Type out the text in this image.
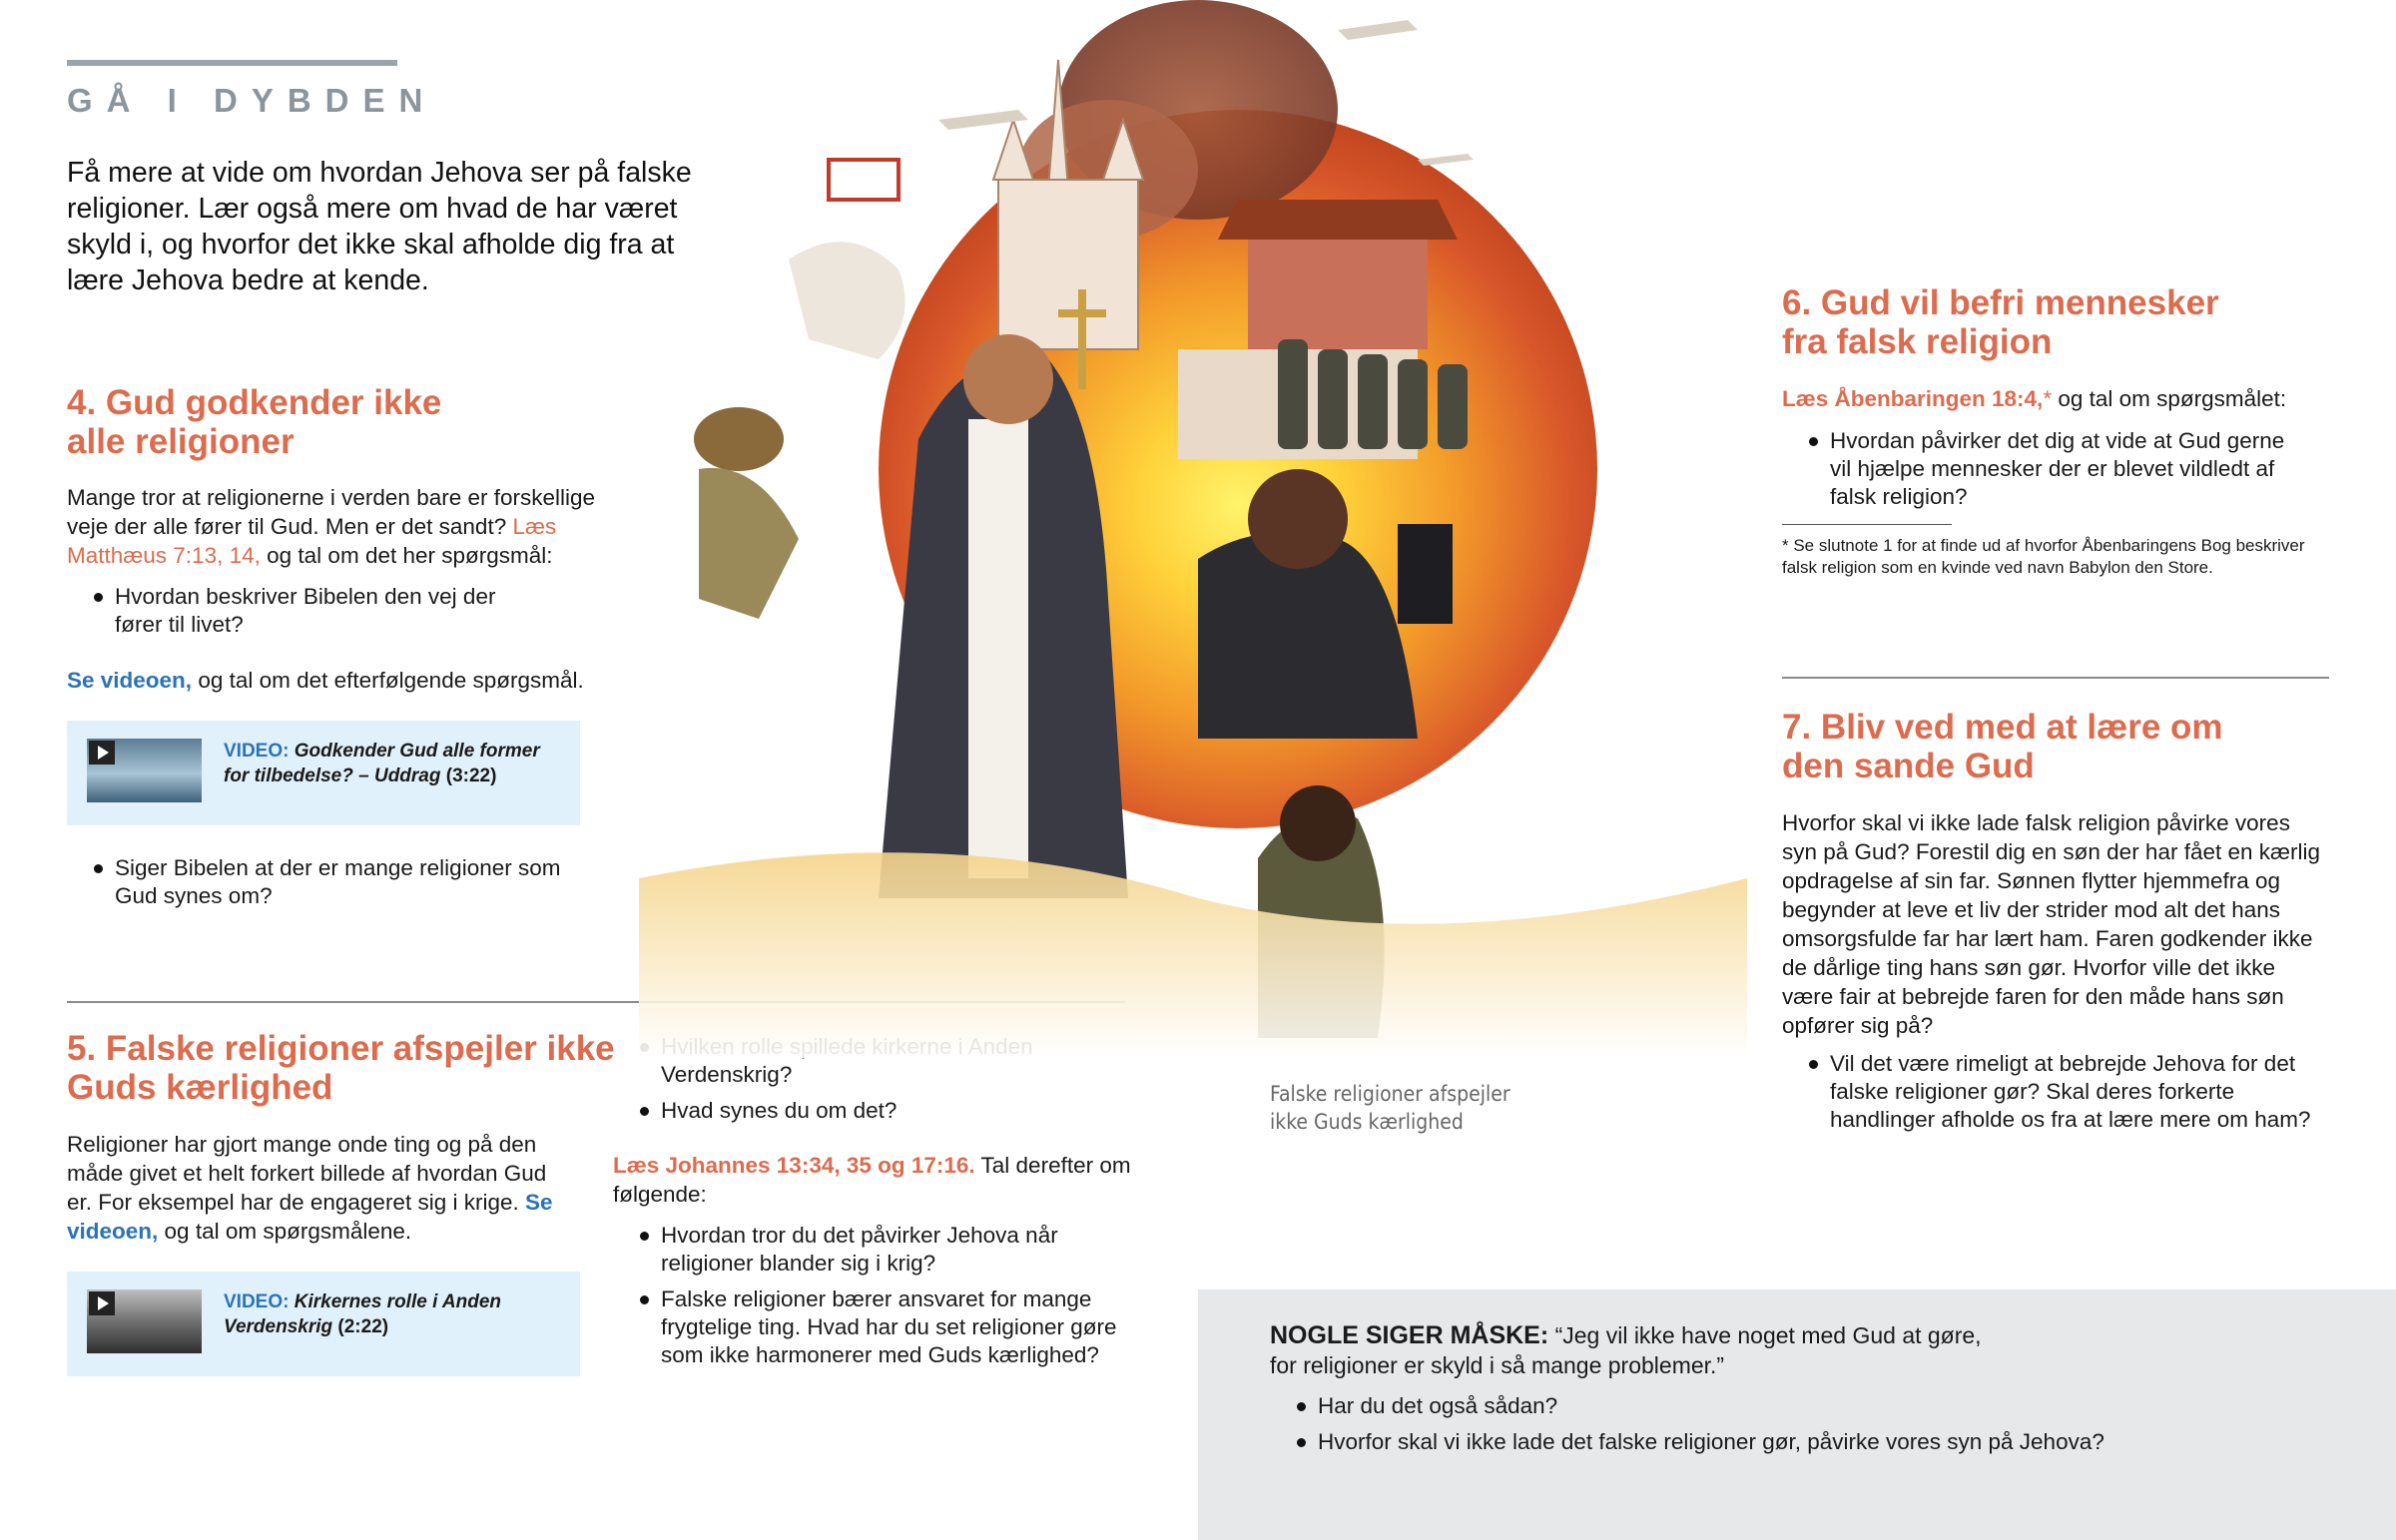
GÅ I DYBDEN
Få mere at vide om hvordan Jehova ser på falske religioner. Lær også mere om hvad de har været skyld i, og hvorfor det ikke skal afholde dig fra at lære Jehova bedre at kende.
4. Gud godkender ikke
alle religioner
Mange tror at religionerne i verden bare er forskellige veje der alle fører til Gud. Men er det sandt? Læs Matthæus 7:13, 14, og tal om det her spørgsmål:
Hvordan beskriver Bibelen den vej der fører til livet?
Se videoen, og tal om det efterfølgende spørgsmål.
VIDEO: Godkender Gud alle former for tilbedelse? – Uddrag (3:22)
Siger Bibelen at der er mange religioner som Gud synes om?
5. Falske religioner afspejler ikke
Guds kærlighed
Religioner har gjort mange onde ting og på den måde givet et helt forkert billede af hvordan Gud er. For eksempel har de engageret sig i krige. Se videoen, og tal om spørgsmålene.
VIDEO: Kirkernes rolle i Anden Verdenskrig (2:22)
Verdenskrig?
Hvad synes du om det?
Læs Johannes 13:34, 35 og 17:16. Tal derefter om følgende:
Hvordan tror du det påvirker Jehova når religioner blander sig i krig?
Falske religioner bærer ansvaret for mange frygtelige ting. Hvad har du set religioner gøre som ikke harmonerer med Guds kærlighed?
Falske religioner afspejler
ikke Guds kærlighed
6. Gud vil befri mennesker
fra falsk religion
Læs Åbenbaringen 18:4,* og tal om spørgsmålet:
Hvordan påvirker det dig at vide at Gud gerne vil hjælpe mennesker der er blevet vildledt af falsk religion?
* Se slutnote 1 for at finde ud af hvorfor Åbenbaringens Bog beskriver falsk religion som en kvinde ved navn Babylon den Store.
7. Bliv ved med at lære om
den sande Gud
Hvorfor skal vi ikke lade falsk religion påvirke vores syn på Gud? Forestil dig en søn der har fået en kærlig opdragelse af sin far. Sønnen flytter hjemmefra og begynder at leve et liv der strider mod alt det hans omsorgsfulde far har lært ham. Faren godkender ikke de dårlige ting hans søn gør. Hvorfor ville det ikke være fair at bebrejde faren for den måde hans søn opfører sig på?
Vil det være rimeligt at bebrejde Jehova for det falske religioner gør? Skal deres forkerte handlinger afholde os fra at lære mere om ham?
NOGLE SIGER MÅSKE: “Jeg vil ikke have noget med Gud at gøre,
for religioner er skyld i så mange problemer.”
Har du det også sådan?
Hvorfor skal vi ikke lade det falske religioner gør, påvirke vores syn på Jehova?
